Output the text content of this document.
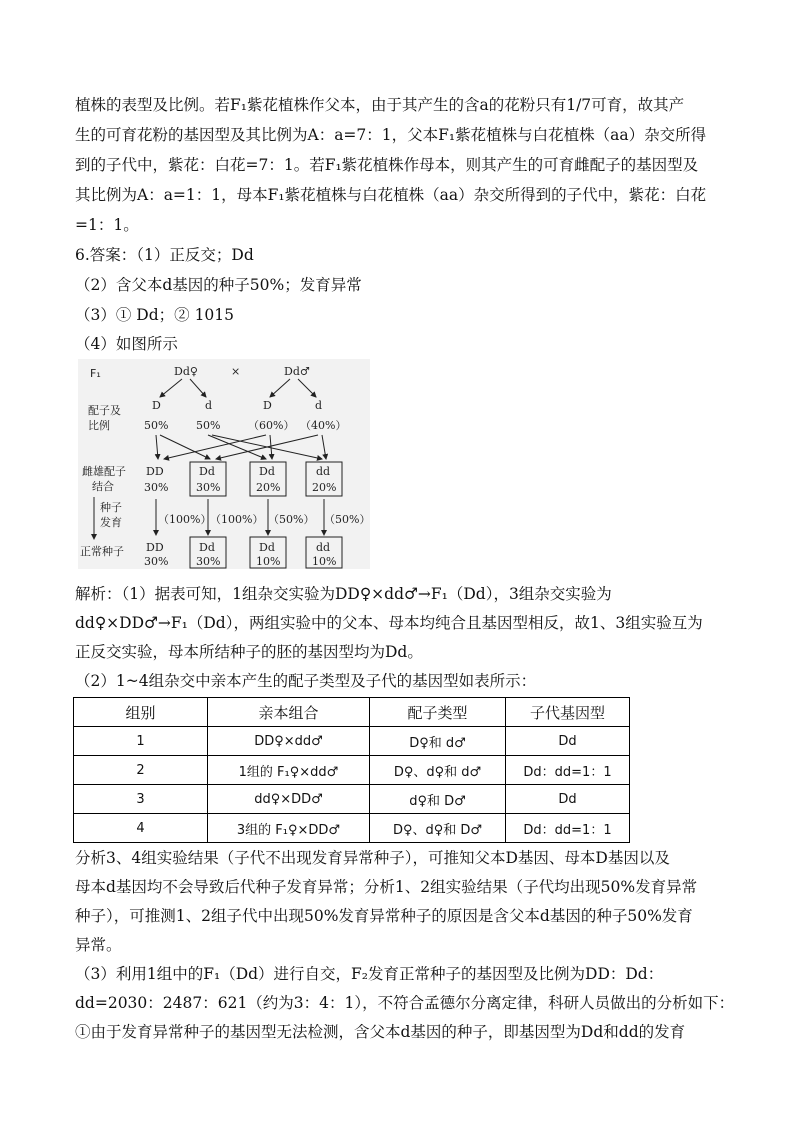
植株的表型及比例。若F₁紫花植株作父本，由于其产生的含a的花粉只有1/7可育，故其产
生的可育花粉的基因型及其比例为A：a=7：1，父本F₁紫花植株与白花植株（aa）杂交所得
到的子代中，紫花：白花=7：1。若F₁紫花植株作母本，则其产生的可育雌配子的基因型及
其比例为A：a=1：1，母本F₁紫花植株与白花植株（aa）杂交所得到的子代中，紫花：白花
=1：1。
6.答案：（1）正反交；Dd
（2）含父本d基因的种子50%；发育异常
（3）① Dd；② 1015
（4）如图所示
F₁
配子及
比例
雌雄配子
结合
种子
发育
正常种子
Dd♀	×	Dd♂
D	d	D	d
50%	50%	（60%） （40%）
DD
30%
Dd
30%
Dd
20%
dd
20%
（100%）
（100%） （50%） （50%）
DD
30%
Dd
30%
Dd
10%
dd
10%
解析：（1）据表可知，1组杂交实验为DD♀×dd♂→F₁（Dd），3组杂交实验为
dd♀×DD♂→F₁（Dd），两组实验中的父本、母本均纯合且基因型相反，故1、3组实验互为
正反交实验，母本所结种子的胚的基因型均为Dd。
（2）1~4组杂交中亲本产生的配子类型及子代的基因型如表所示：
组别	亲本组合	配子类型	子代基因型
1	DD♀×dd♂	D♀和 d♂	Dd
2	1组的 F₁♀×dd♂	D♀、d♀和 d♂	Dd：dd=1：1
3	dd♀×DD♂	d♀和 D♂	Dd
4	3组的 F₁♀×DD♂	D♀、d♀和 D♂	Dd：dd=1：1
分析3、4组实验结果（子代不出现发育异常种子），可推知父本D基因、母本D基因以及
母本d基因均不会导致后代种子发育异常；分析1、2组实验结果（子代均出现50%发育异常
种子），可推测1、2组子代中出现50%发育异常种子的原因是含父本d基因的种子50%发育
异常。
（3）利用1组中的F₁（Dd）进行自交，F₂发育正常种子的基因型及比例为DD：Dd：
dd=2030：2487：621（约为3：4：1），不符合孟德尔分离定律，科研人员做出的分析如下：
①由于发育异常种子的基因型无法检测，含父本d基因的种子，即基因型为Dd和dd的发育
